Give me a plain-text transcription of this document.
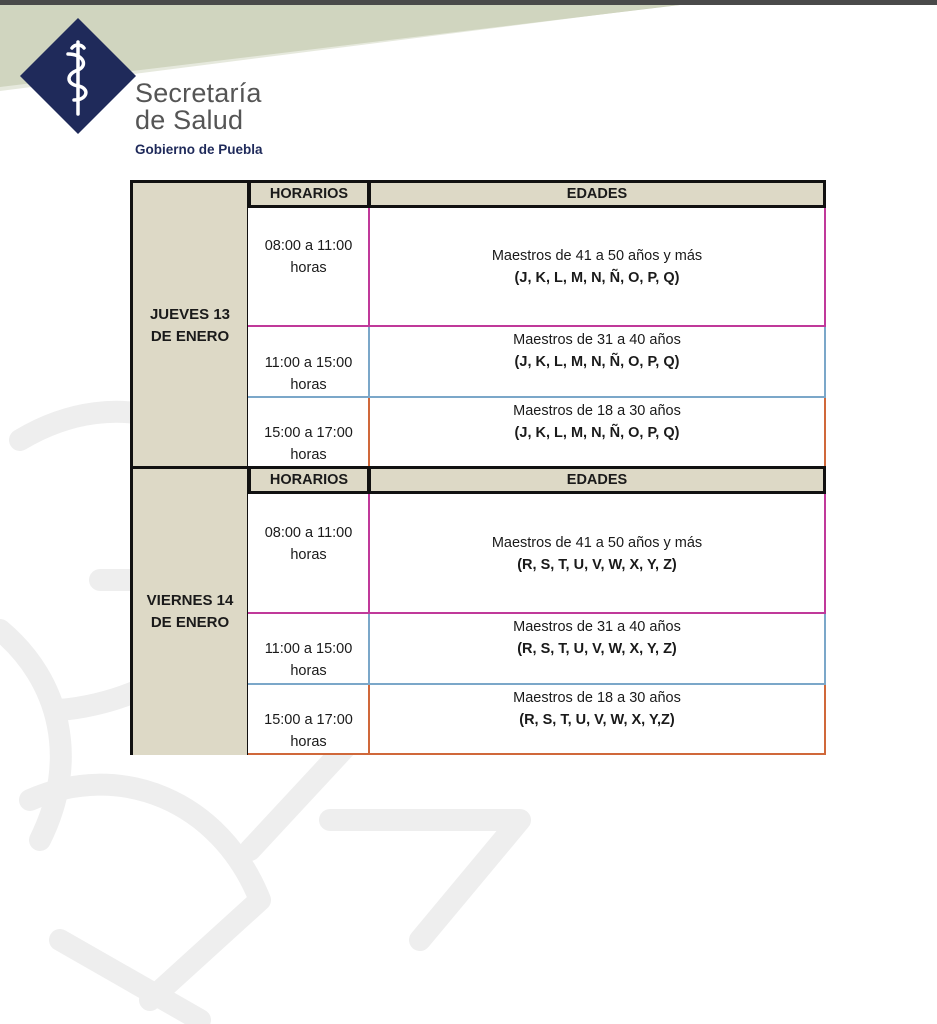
Secretaría
de Salud
Gobierno de Puebla
JUEVES 13
DE ENERO
HORARIOS	EDADES
08:00 a 11:00
horas
Maestros de 41 a 50 años y más
(J, K, L, M, N, Ñ, O, P, Q)
11:00 a 15:00
horas
Maestros de 31 a 40 años
(J, K, L, M, N, Ñ, O, P, Q)
15:00 a 17:00
horas
Maestros de 18 a 30 años
(J, K, L, M, N, Ñ, O, P, Q)
VIERNES 14
DE ENERO
HORARIOS	EDADES
08:00 a 11:00
horas
Maestros de 41 a 50 años y más
(R, S, T, U, V, W, X, Y, Z)
11:00 a 15:00
horas
Maestros de 31 a 40 años
(R, S, T, U, V, W, X, Y, Z)
15:00 a 17:00
horas
Maestros de 18 a 30 años
(R, S, T, U, V, W, X, Y,Z)
